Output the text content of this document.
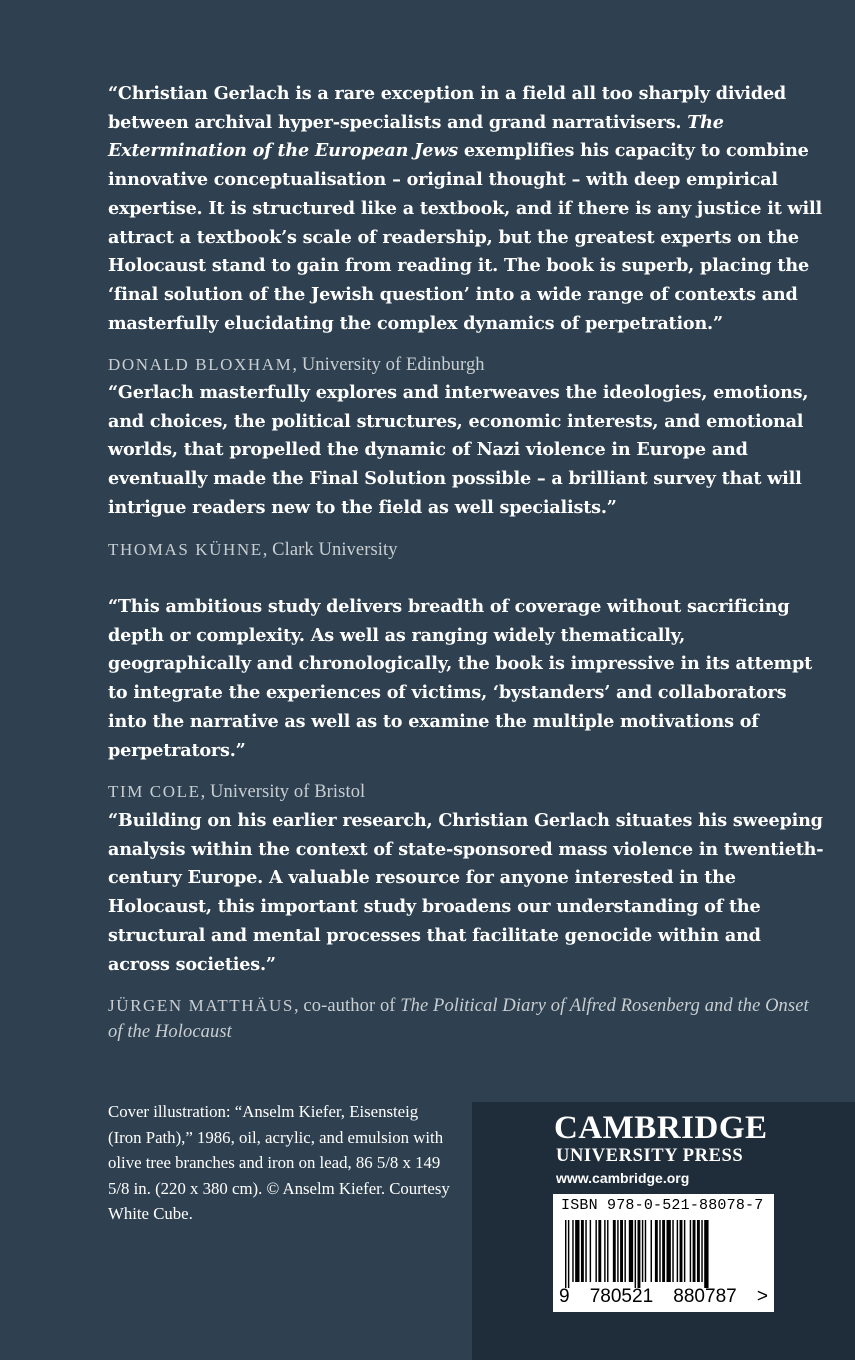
“Christian Gerlach is a rare exception in a field all too sharply divided between archival hyper-specialists and grand narrativisers. The Extermination of the European Jews exemplifies his capacity to combine innovative conceptualisation – original thought – with deep empirical expertise. It is structured like a textbook, and if there is any justice it will attract a textbook’s scale of readership, but the greatest experts on the Holocaust stand to gain from reading it. The book is superb, placing the ‘final solution of the Jewish question’ into a wide range of contexts and masterfully elucidating the complex dynamics of perpetration.”

DONALD BLOXHAM, University of Edinburgh

“Gerlach masterfully explores and interweaves the ideologies, emotions, and choices, the political structures, economic interests, and emotional worlds, that propelled the dynamic of Nazi violence in Europe and eventually made the Final Solution possible – a brilliant survey that will intrigue readers new to the field as well specialists.”

THOMAS KÜHNE, Clark University

“This ambitious study delivers breadth of coverage without sacrificing depth or complexity. As well as ranging widely thematically, geographically and chronologically, the book is impressive in its attempt to integrate the experiences of victims, ‘bystanders’ and collaborators into the narrative as well as to examine the multiple motivations of perpetrators.”

TIM COLE, University of Bristol

“Building on his earlier research, Christian Gerlach situates his sweeping analysis within the context of state-sponsored mass violence in twentieth-century Europe. A valuable resource for anyone interested in the Holocaust, this important study broadens our understanding of the structural and mental processes that facilitate genocide within and across societies.”

JÜRGEN MATTHÄUS, co-author of The Political Diary of Alfred Rosenberg and the Onset of the Holocaust
Cover illustration: “Anselm Kiefer, Eisensteig (Iron Path),” 1986, oil, acrylic, and emulsion with olive tree branches and iron on lead, 86 5/8 x 149 5/8 in. (220 x 380 cm). © Anselm Kiefer. Courtesy White Cube.
CAMBRIDGE
UNIVERSITY PRESS
www.cambridge.org
ISBN 978-0-521-88078-7
9 780521 880787 >
